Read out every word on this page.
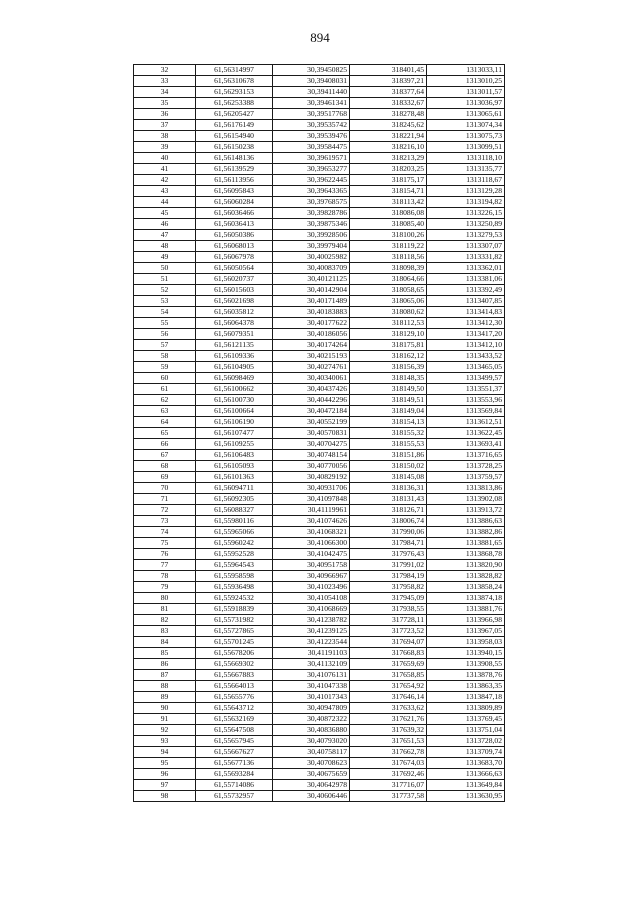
894
32	61,56314997	30,39450825	318401,45	1313033,11
33	61,56310678	30,39408031	318397,21	1313010,25
34	61,56293153	30,39411440	318377,64	1313011,57
35	61,56253388	30,39461341	318332,67	1313036,97
36	61,56205427	30,39517768	318278,48	1313065,61
37	61,56176149	30,39535742	318245,62	1313074,34
38	61,56154940	30,39539476	318221,94	1313075,73
39	61,56150238	30,39584475	318216,10	1313099,51
40	61,56148136	30,39619571	318213,29	1313118,10
41	61,56139529	30,39653277	318203,25	1313135,77
42	61,56113956	30,39622445	318175,17	1313118,67
43	61,56095843	30,39643365	318154,71	1313129,28
44	61,56060284	30,39768575	318113,42	1313194,82
45	61,56036466	30,39828786	318086,08	1313226,15
46	61,56036413	30,39875346	318085,40	1313250,89
47	61,56050386	30,39928506	318100,26	1313279,53
48	61,56068013	30,39979404	318119,22	1313307,07
49	61,56067978	30,40025982	318118,56	1313331,82
50	61,56050564	30,40083709	318098,39	1313362,01
51	61,56020737	30,40121125	318064,66	1313381,06
52	61,56015603	30,40142904	318058,65	1313392,49
53	61,56021698	30,40171489	318065,06	1313407,85
54	61,56035812	30,40183883	318080,62	1313414,83
55	61,56064378	30,40177622	318112,53	1313412,30
56	61,56079351	30,40186056	318129,10	1313417,20
57	61,56121135	30,40174264	318175,81	1313412,10
58	61,56109336	30,40215193	318162,12	1313433,52
59	61,56104905	30,40274761	318156,39	1313465,05
60	61,56098469	30,40340061	318148,35	1313499,57
61	61,56100662	30,40437426	318149,50	1313551,37
62	61,56100730	30,40442296	318149,51	1313553,96
63	61,56100664	30,40472184	318149,04	1313569,84
64	61,56106190	30,40552199	318154,13	1313612,51
65	61,56107477	30,40570831	318155,32	1313622,45
66	61,56109255	30,40704275	318155,53	1313693,41
67	61,56106483	30,40748154	318151,86	1313716,65
68	61,56105093	30,40770056	318150,02	1313728,25
69	61,56101363	30,40829192	318145,08	1313759,57
70	61,56094711	30,40931706	318136,31	1313813,86
71	61,56092305	30,41097848	318131,43	1313902,08
72	61,56088327	30,41119961	318126,71	1313913,72
73	61,55980116	30,41074626	318006,74	1313886,63
74	61,55965066	30,41068321	317990,06	1313882,86
75	61,55960242	30,41066300	317984,71	1313881,65
76	61,55952528	30,41042475	317976,43	1313868,78
77	61,55964543	30,40951758	317991,02	1313820,90
78	61,55958598	30,40966967	317984,19	1313828,82
79	61,55936498	30,41023496	317958,82	1313858,24
80	61,55924532	30,41054108	317945,09	1313874,18
81	61,55918839	30,41068669	317938,55	1313881,76
82	61,55731982	30,41238782	317728,11	1313966,98
83	61,55727865	30,41239125	317723,52	1313967,05
84	61,55701245	30,41223544	317694,07	1313958,03
85	61,55678206	30,41191103	317668,83	1313940,15
86	61,55669302	30,41132109	317659,69	1313908,55
87	61,55667883	30,41076131	317658,85	1313878,76
88	61,55664013	30,41047338	317654,92	1313863,35
89	61,55655776	30,41017343	317646,14	1313847,18
90	61,55643712	30,40947809	317633,62	1313809,89
91	61,55632169	30,40872322	317621,76	1313769,45
92	61,55647508	30,40836880	317639,32	1313751,04
93	61,55657945	30,40793020	317651,53	1313728,02
94	61,55667627	30,40758117	317662,78	1313709,74
95	61,55677136	30,40708623	317674,03	1313683,70
96	61,55693284	30,40675659	317692,46	1313666,63
97	61,55714086	30,40642978	317716,07	1313649,84
98	61,55732957	30,40606446	317737,58	1313630,95
